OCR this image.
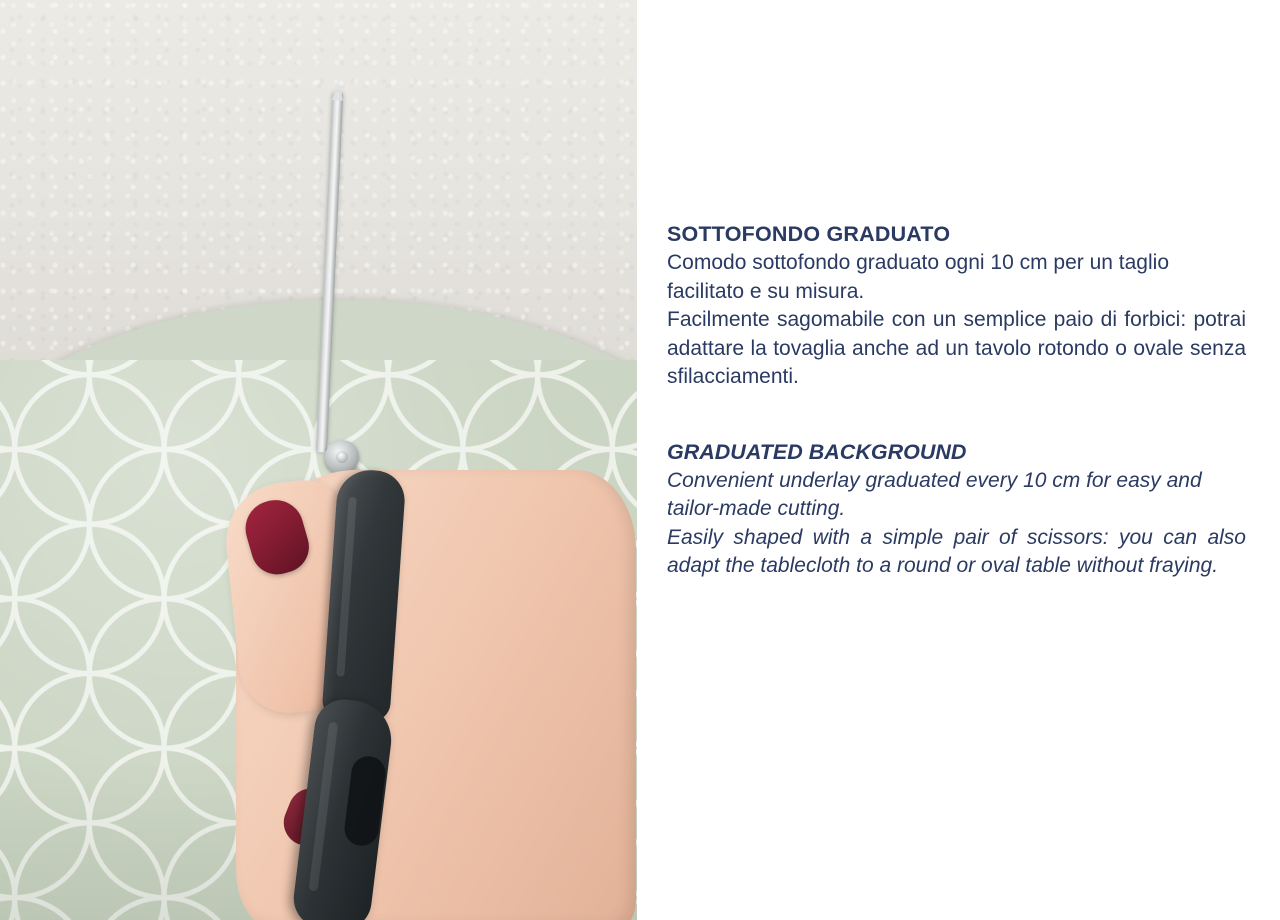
SOTTOFONDO GRADUATO

Comodo sottofondo graduato ogni 10 cm per un taglio facilitato e su misura.

Facilmente sagomabile con un semplice paio di forbici: potrai adattare la tovaglia anche ad un tavolo rotondo o ovale senza sfilacciamenti.

GRADUATED BACKGROUND

Convenient underlay graduated every 10 cm for easy and tailor-made cutting.

Easily shaped with a simple pair of scissors: you can also adapt the tablecloth to a round or oval table without fraying.
